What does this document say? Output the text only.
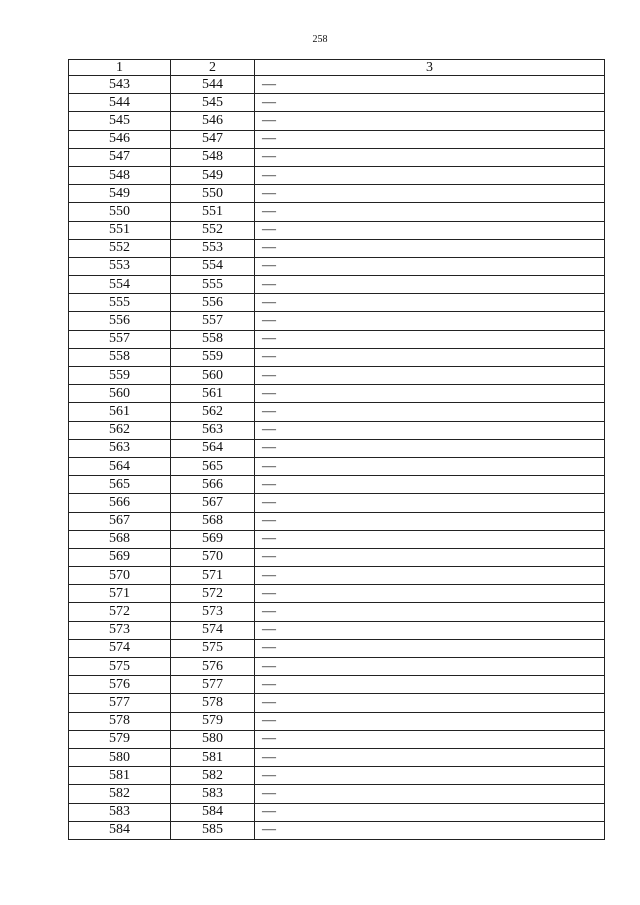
258
1	2	3
543	544	—
544	545	—
545	546	—
546	547	—
547	548	—
548	549	—
549	550	—
550	551	—
551	552	—
552	553	—
553	554	—
554	555	—
555	556	—
556	557	—
557	558	—
558	559	—
559	560	—
560	561	—
561	562	—
562	563	—
563	564	—
564	565	—
565	566	—
566	567	—
567	568	—
568	569	—
569	570	—
570	571	—
571	572	—
572	573	—
573	574	—
574	575	—
575	576	—
576	577	—
577	578	—
578	579	—
579	580	—
580	581	—
581	582	—
582	583	—
583	584	—
584	585	—
